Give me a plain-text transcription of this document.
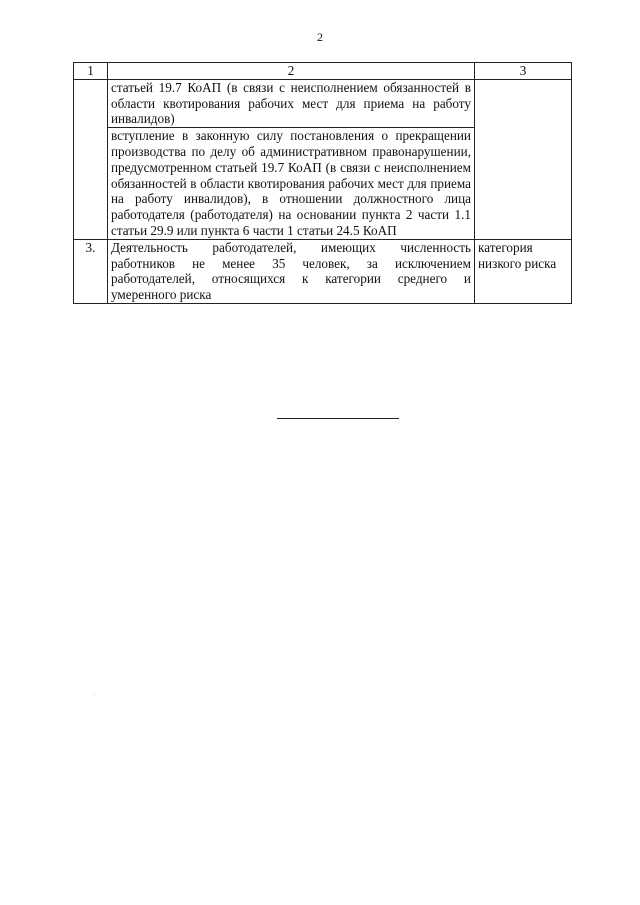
2
1	2	3
	статьей 19.7 КоАП (в связи с неисполнением обязанностей в области квотирования рабочих мест для приема на работу инвалидов)	
	вступление в законную силу постановления о прекращении производства по делу об административном правонарушении, предусмотренном статьей 19.7 КоАП (в связи с неисполнением обязанностей в области квотирования рабочих мест для приема на работу инвалидов), в отношении должностного лица работодателя (работодателя) на основании пункта 2 части 1.1 статьи 29.9 или пункта 6 части 1 статьи 24.5 КоАП	
3.	Деятельность работодателей, имеющих численность работников не менее 35 человек, за исключением работодателей, относящихся к категории среднего и умеренного риска	категория низкого риска
